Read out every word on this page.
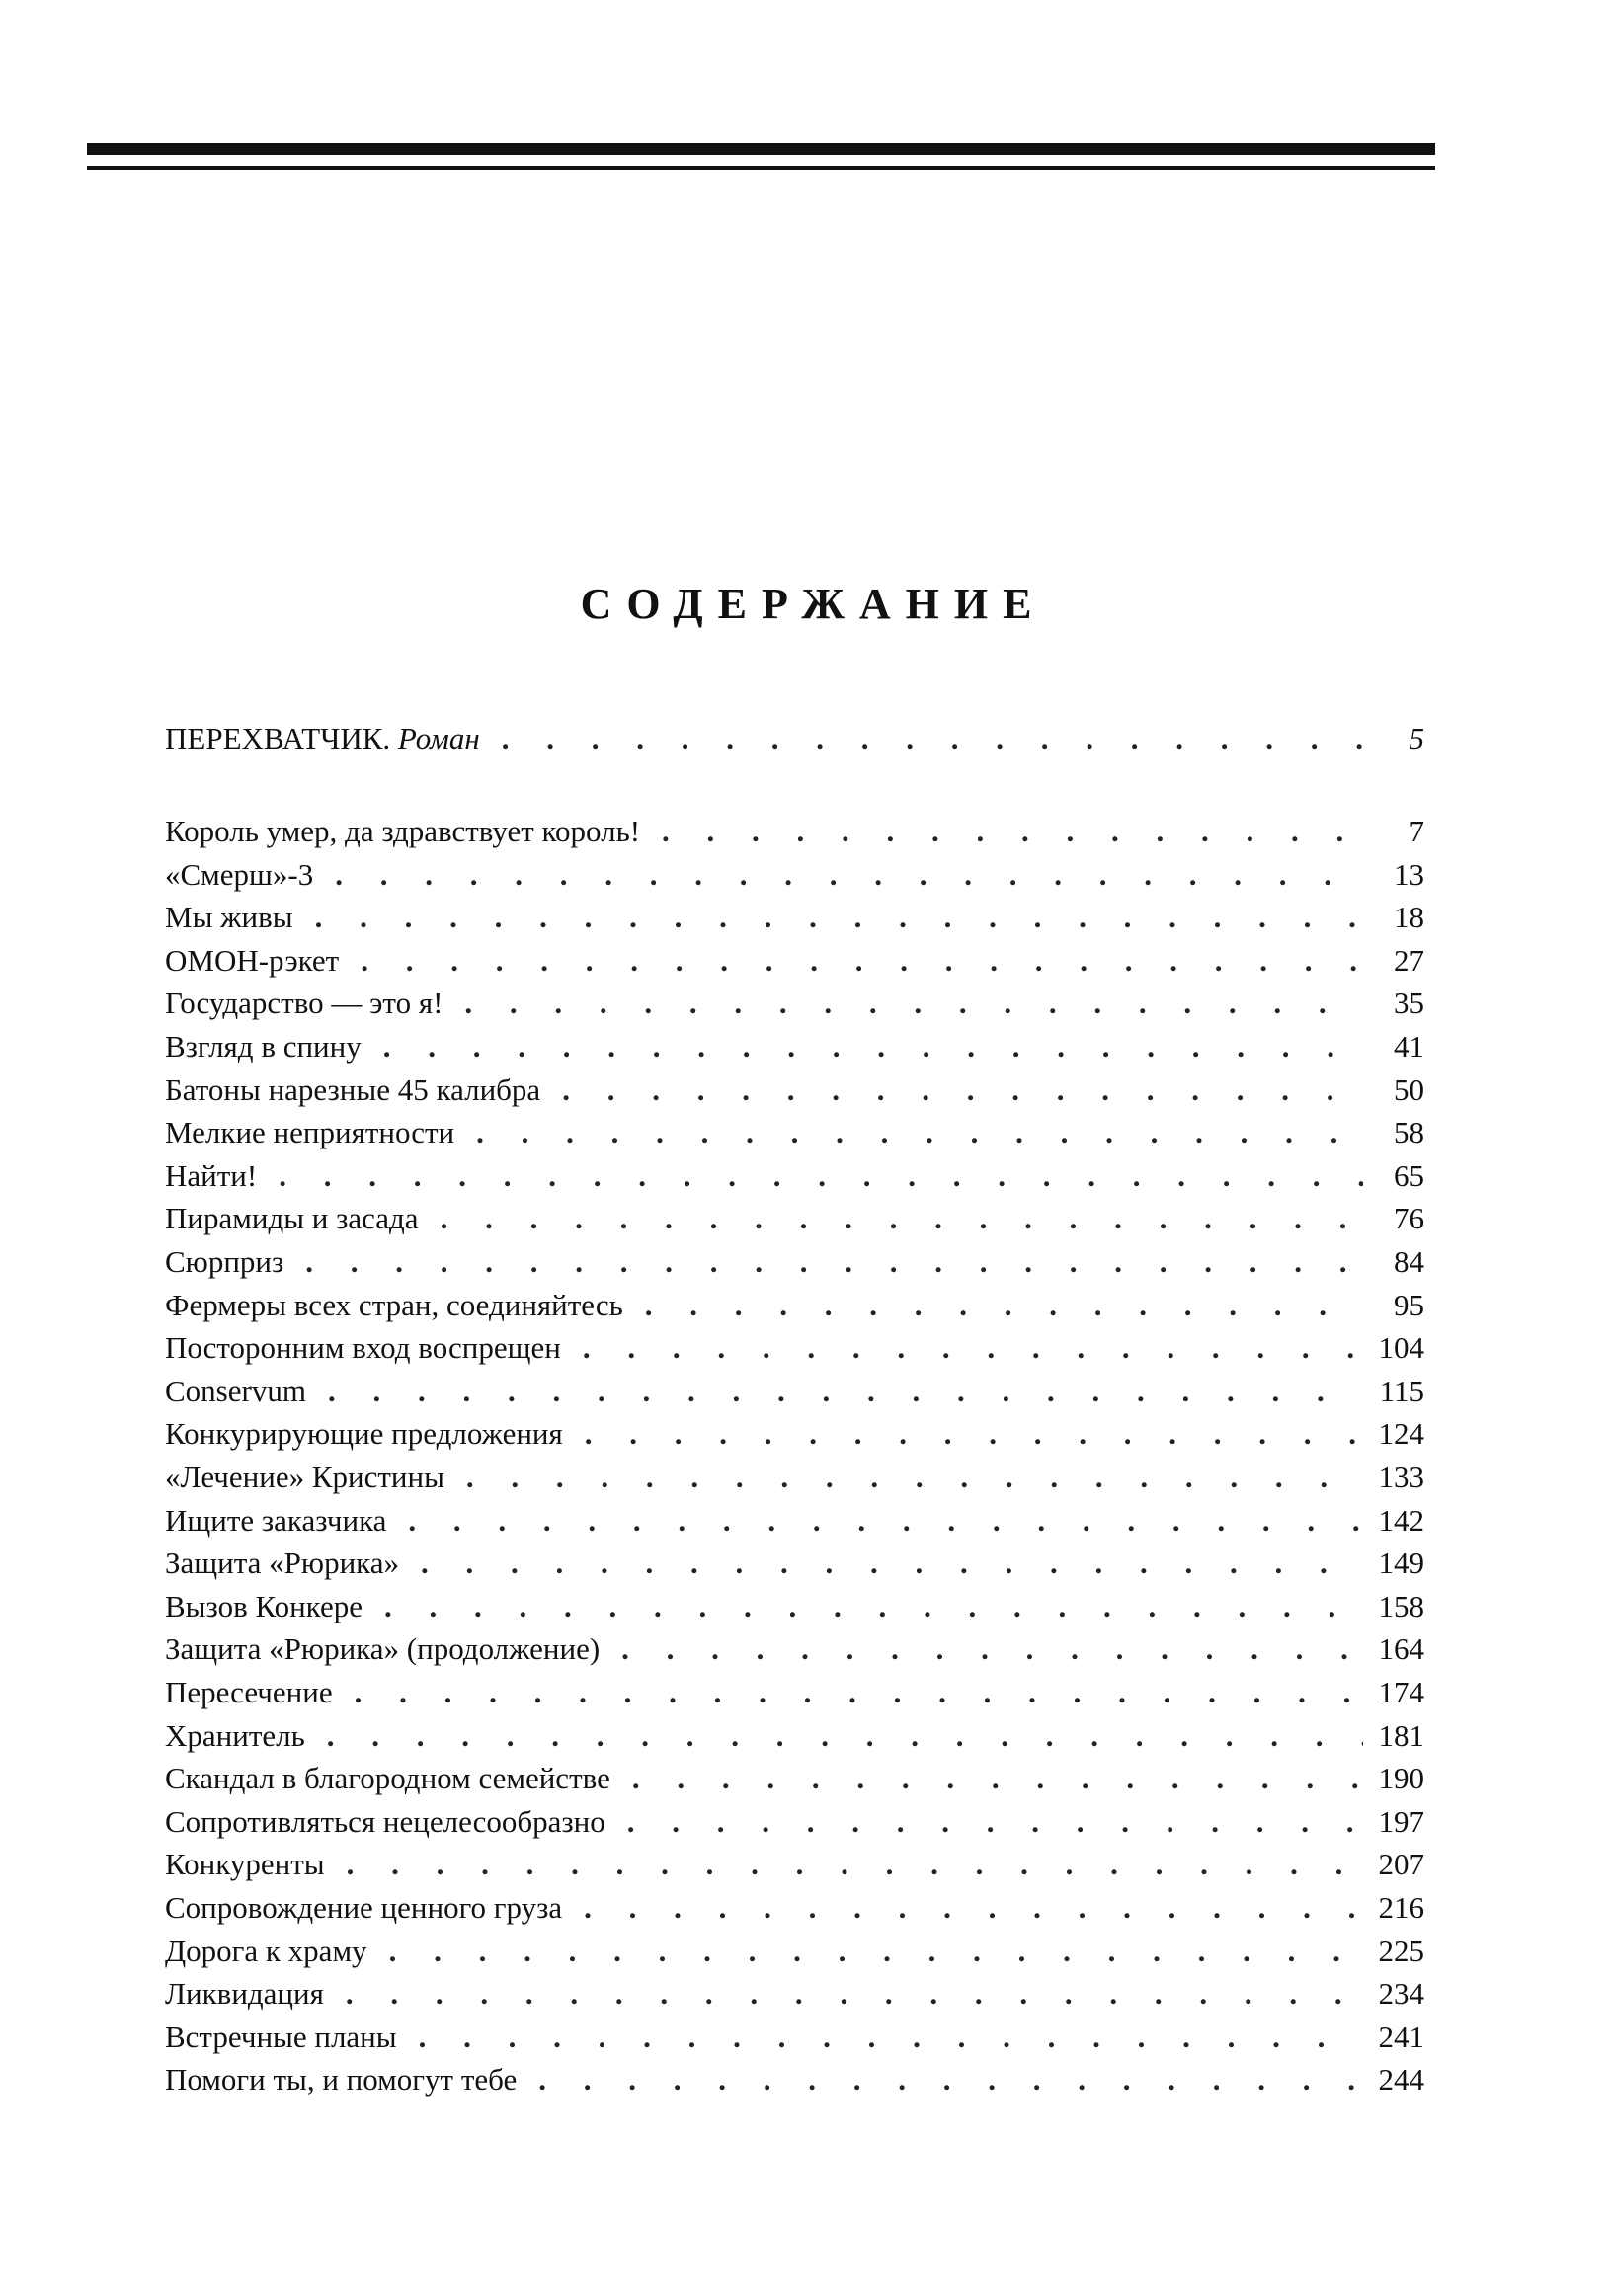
СОДЕРЖАНИЕ
ПЕРЕХВАТЧИК. Роман . . .	5
Король умер, да здравствует король! . . .	7
«Смерш»-3 . . .	13
Мы живы . . .	18
ОМОН-рэкет . . .	27
Государство — это я! . . .	35
Взгляд в спину . . .	41
Батоны нарезные 45 калибра . . .	50
Мелкие неприятности . . .	58
Найти! . . .	65
Пирамиды и засада . . .	76
Сюрприз . . .	84
Фермеры всех стран, соединяйтесь . . .	95
Посторонним вход воспрещен . . .	104
Conservum . . .	115
Конкурирующие предложения . . .	124
«Лечение» Кристины . . .	133
Ищите заказчика . . .	142
Защита «Рюрика» . . .	149
Вызов Конкере . . .	158
Защита «Рюрика» (продолжение) . . .	164
Пересечение . . .	174
Хранитель . . .	181
Скандал в благородном семействе . . .	190
Сопротивляться нецелесообразно . . .	197
Конкуренты . . .	207
Сопровождение ценного груза . . .	216
Дорога к храму . . .	225
Ликвидация . . .	234
Встречные планы . . .	241
Помоги ты, и помогут тебе . . .	244
